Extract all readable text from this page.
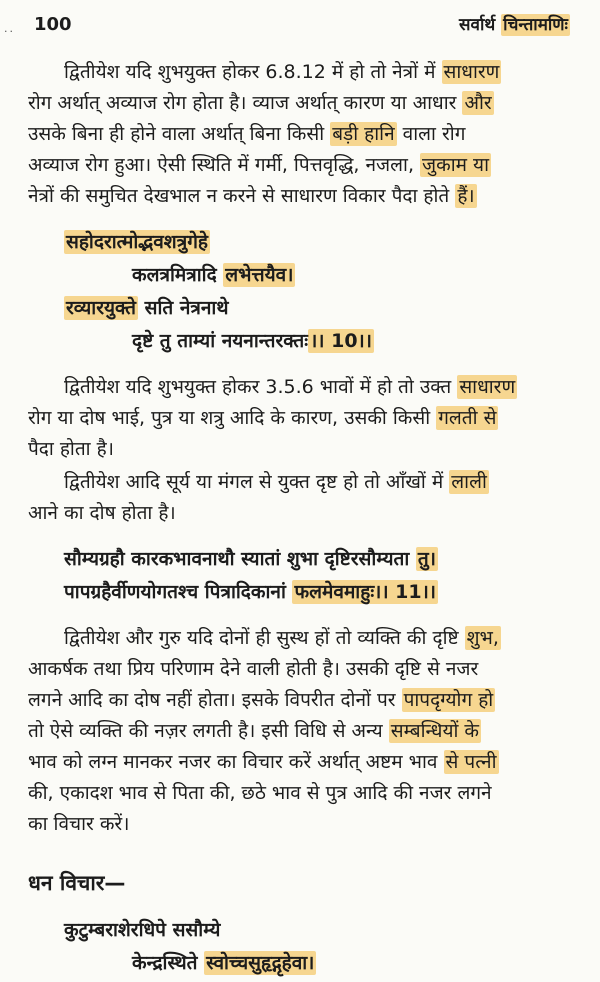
..	100	सर्वार्थ चिन्तामणिः
द्वितीयेश यदि शुभयुक्त होकर 6.8.12 में हो तो नेत्रों में साधारण
रोग अर्थात् अव्याज रोग होता है। व्याज अर्थात् कारण या आधार और
उसके बिना ही होने वाला अर्थात् बिना किसी बड़ी हानि वाला रोग
अव्याज रोग हुआ। ऐसी स्थिति में गर्मी, पित्तवृद्धि, नजला, जुकाम या
नेत्रों की समुचित देखभाल न करने से साधारण विकार पैदा होते हैं।
सहोदरात्मोद्भवशत्रुगेहे
कलत्रमित्रादि लभेत्तयैव।
रव्यारयुक्ते सति नेत्रनाथे
दृष्टे तु ताम्यां नयनान्तरक्तः ।। 10।।
द्वितीयेश यदि शुभयुक्त होकर 3.5.6 भावों में हो तो उक्त साधारण
रोग या दोष भाई, पुत्र या शत्रु आदि के कारण, उसकी किसी गलती से
पैदा होता है।
द्वितीयेश आदि सूर्य या मंगल से युक्त दृष्ट हो तो आँखों में लाली
आने का दोष होता है।
सौम्यग्रहौ कारकभावनाथौ स्यातां शुभा दृष्टिरसौम्यता तु।
पापग्रहैर्वीणयोगतश्च पित्रादिकानां फलमेवमाहुः।। 11।।
द्वितीयेश और गुरु यदि दोनों ही सुस्थ हों तो व्यक्ति की दृष्टि शुभ,
आकर्षक तथा प्रिय परिणाम देने वाली होती है। उसकी दृष्टि से नजर
लगने आदि का दोष नहीं होता। इसके विपरीत दोनों पर पापदृग्योग हो
तो ऐसे व्यक्ति की नज़र लगती है। इसी विधि से अन्य सम्बन्धियों के
भाव को लग्न मानकर नजर का विचार करें अर्थात् अष्टम भाव से पत्नी
की, एकादश भाव से पिता की, छठे भाव से पुत्र आदि की नजर लगने
का विचार करें।
धन विचार—
कुटुम्बराशेरधिपे ससौम्ये
केन्द्रस्थिते स्वोच्चसुहृद्गृहेवा।
